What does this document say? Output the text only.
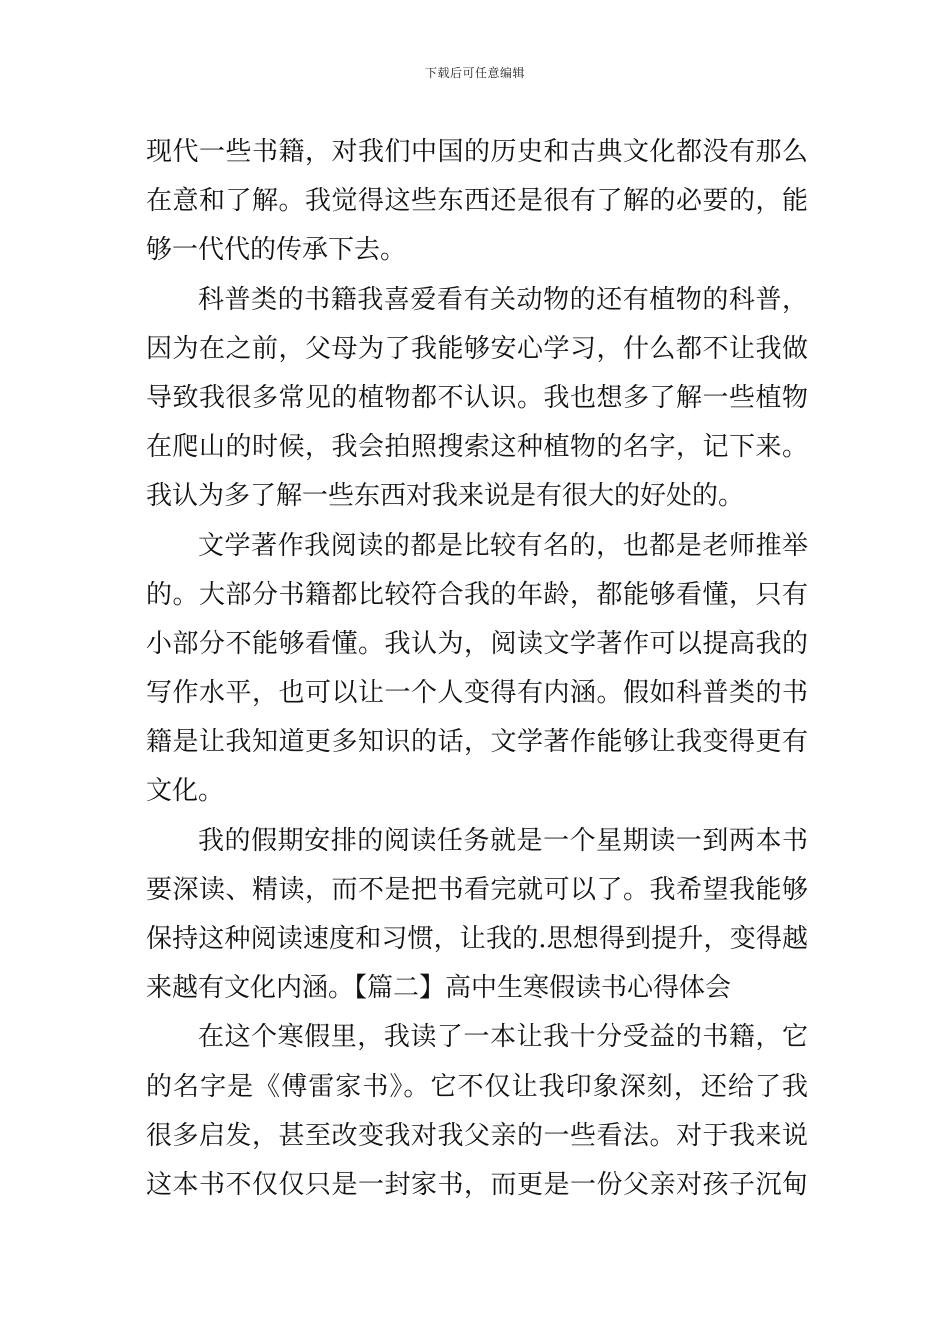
下载后可任意编辑
现代一些书籍，对我们中国的历史和古典文化都没有那么
在意和了解。我觉得这些东西还是很有了解的必要的，能
够一代代的传承下去。
科普类的书籍我喜爱看有关动物的还有植物的科普，
因为在之前，父母为了我能够安心学习，什么都不让我做
导致我很多常见的植物都不认识。我也想多了解一些植物
在爬山的时候，我会拍照搜索这种植物的名字，记下来。
我认为多了解一些东西对我来说是有很大的好处的。
文学著作我阅读的都是比较有名的，也都是老师推举
的。大部分书籍都比较符合我的年龄，都能够看懂，只有
小部分不能够看懂。我认为，阅读文学著作可以提高我的
写作水平，也可以让一个人变得有内涵。假如科普类的书
籍是让我知道更多知识的话，文学著作能够让我变得更有
文化。
我的假期安排的阅读任务就是一个星期读一到两本书
要深读、精读，而不是把书看完就可以了。我希望我能够
保持这种阅读速度和习惯，让我的.思想得到提升，变得越
来越有文化内涵。【篇二】高中生寒假读书心得体会
在这个寒假里，我读了一本让我十分受益的书籍，它
的名字是《傅雷家书》。它不仅让我印象深刻，还给了我
很多启发，甚至改变我对我父亲的一些看法。对于我来说
这本书不仅仅只是一封家书，而更是一份父亲对孩子沉甸
